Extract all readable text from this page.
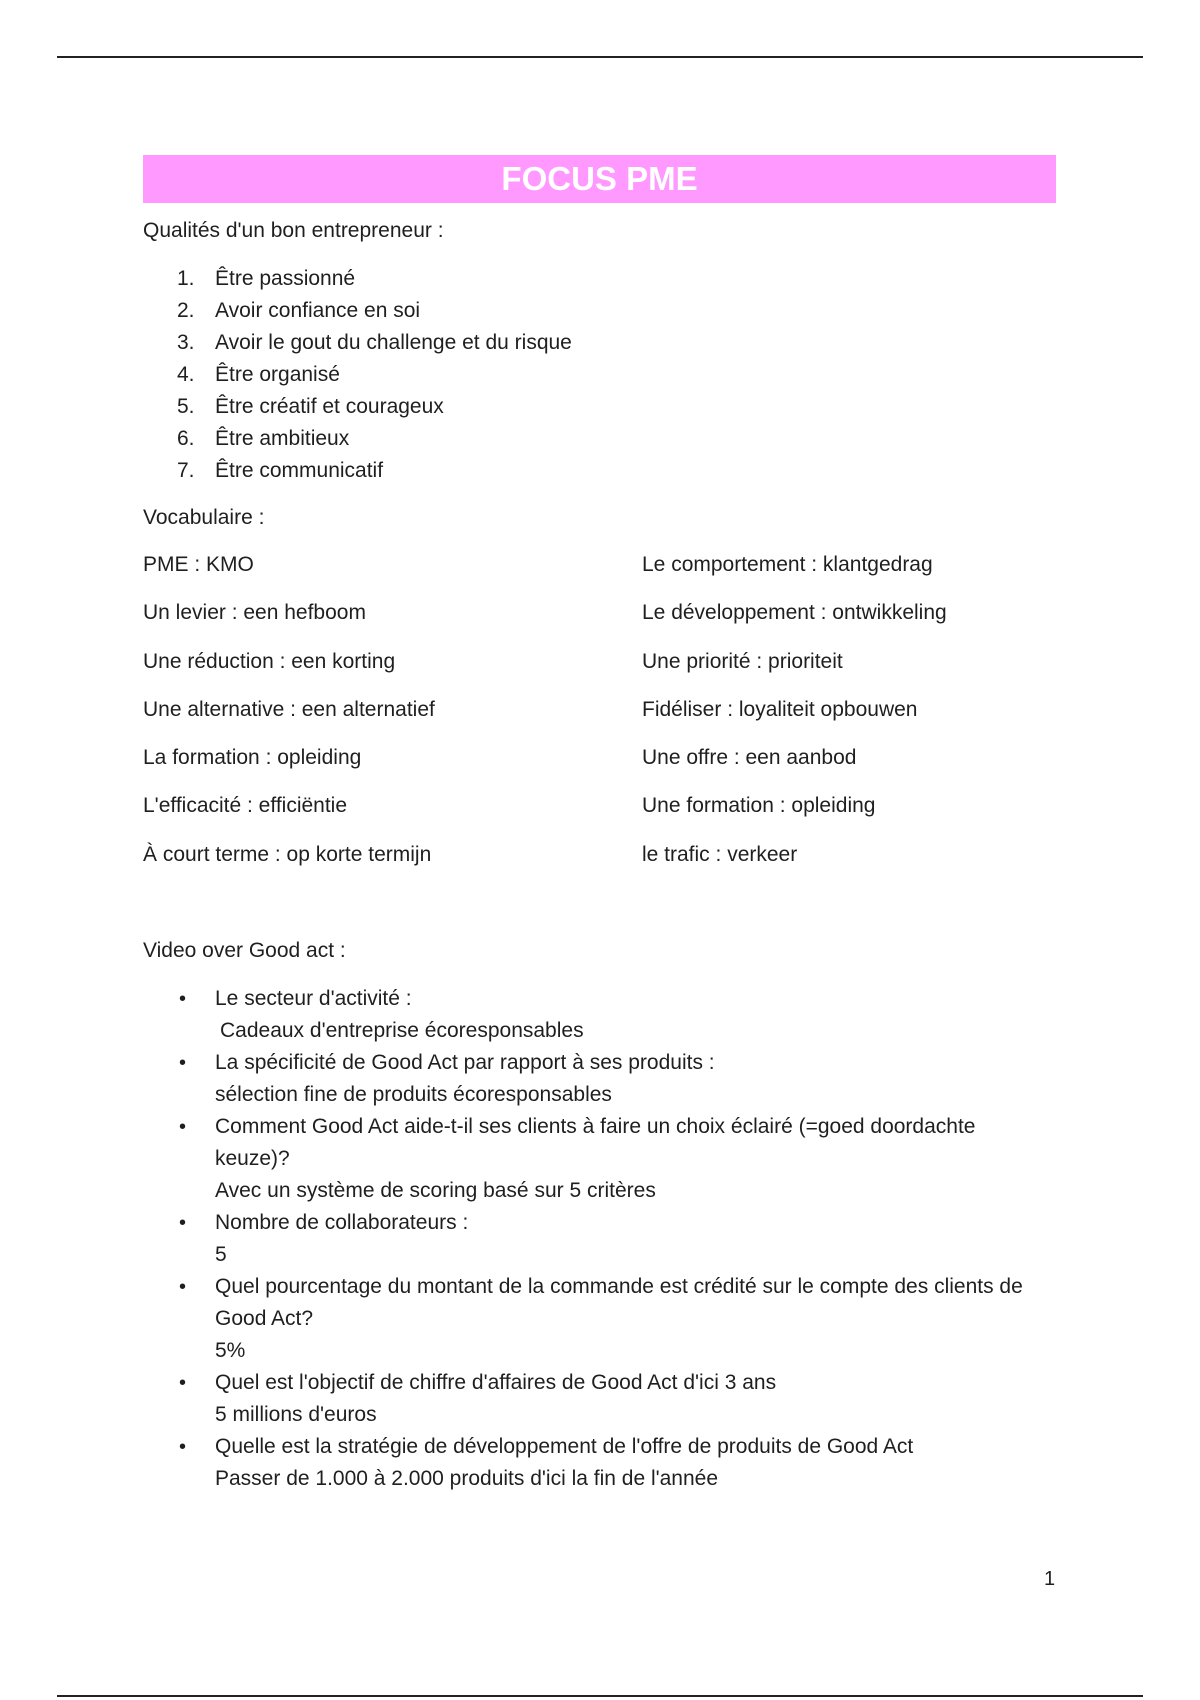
FOCUS PME

Qualités d'un bon entrepreneur :

1. Être passionné
2. Avoir confiance en soi
3. Avoir le gout du challenge et du risque
4. Être organisé
5. Être créatif et courageux
6. Être ambitieux
7. Être communicatif

Vocabulaire :

PME : KMO	Le comportement : klantgedrag
Un levier : een hefboom	Le développement : ontwikkeling
Une réduction : een korting	Une priorité : prioriteit
Une alternative : een alternatief	Fidéliser : loyaliteit opbouwen
La formation : opleiding	Une offre : een aanbod
L'efficacité : efficiëntie	Une formation : opleiding
À court terme : op korte termijn	le trafic : verkeer

Video over Good act :

• Le secteur d'activité :
Cadeaux d'entreprise écoresponsables
• La spécificité de Good Act par rapport à ses produits :
sélection fine de produits écoresponsables
• Comment Good Act aide-t-il ses clients à faire un choix éclairé (=goed doordachte keuze)?
Avec un système de scoring basé sur 5 critères
• Nombre de collaborateurs :
5
• Quel pourcentage du montant de la commande est crédité sur le compte des clients de Good Act?
5%
• Quel est l'objectif de chiffre d'affaires de Good Act d'ici 3 ans
5 millions d'euros
• Quelle est la stratégie de développement de l'offre de produits de Good Act
Passer de 1.000 à 2.000 produits d'ici la fin de l'année
1
